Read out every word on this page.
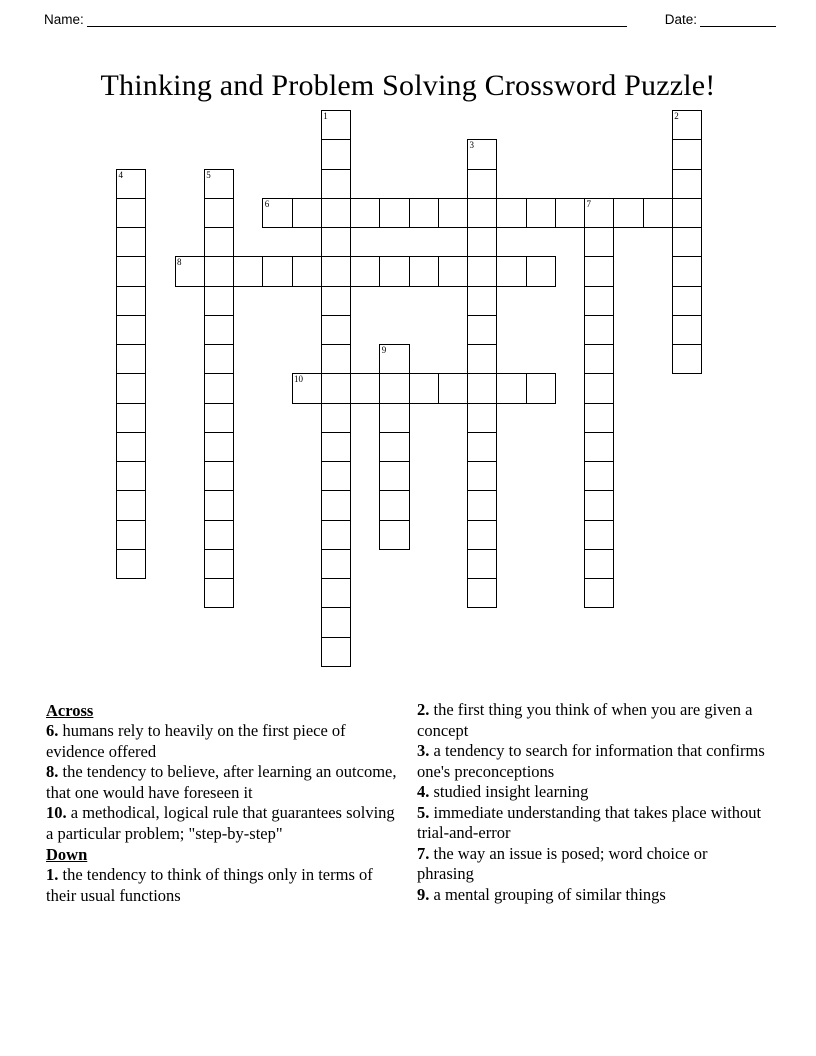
Name:	Date:
Thinking and Problem Solving Crossword Puzzle!
1	2
3
4	5
6	7
8
9
10
Across

6. humans rely to heavily on the first piece of evidence offered

8. the tendency to believe, after learning an outcome, that one would have foreseen it

10. a methodical, logical rule that guarantees solving a particular problem; "step-by-step"

Down

1. the tendency to think of things only in terms of their usual functions

2. the first thing you think of when you are given a concept

3. a tendency to search for information that confirms one's preconceptions

4. studied insight learning

5. immediate understanding that takes place without trial-and-error

7. the way an issue is posed; word choice or phrasing

9. a mental grouping of similar things
